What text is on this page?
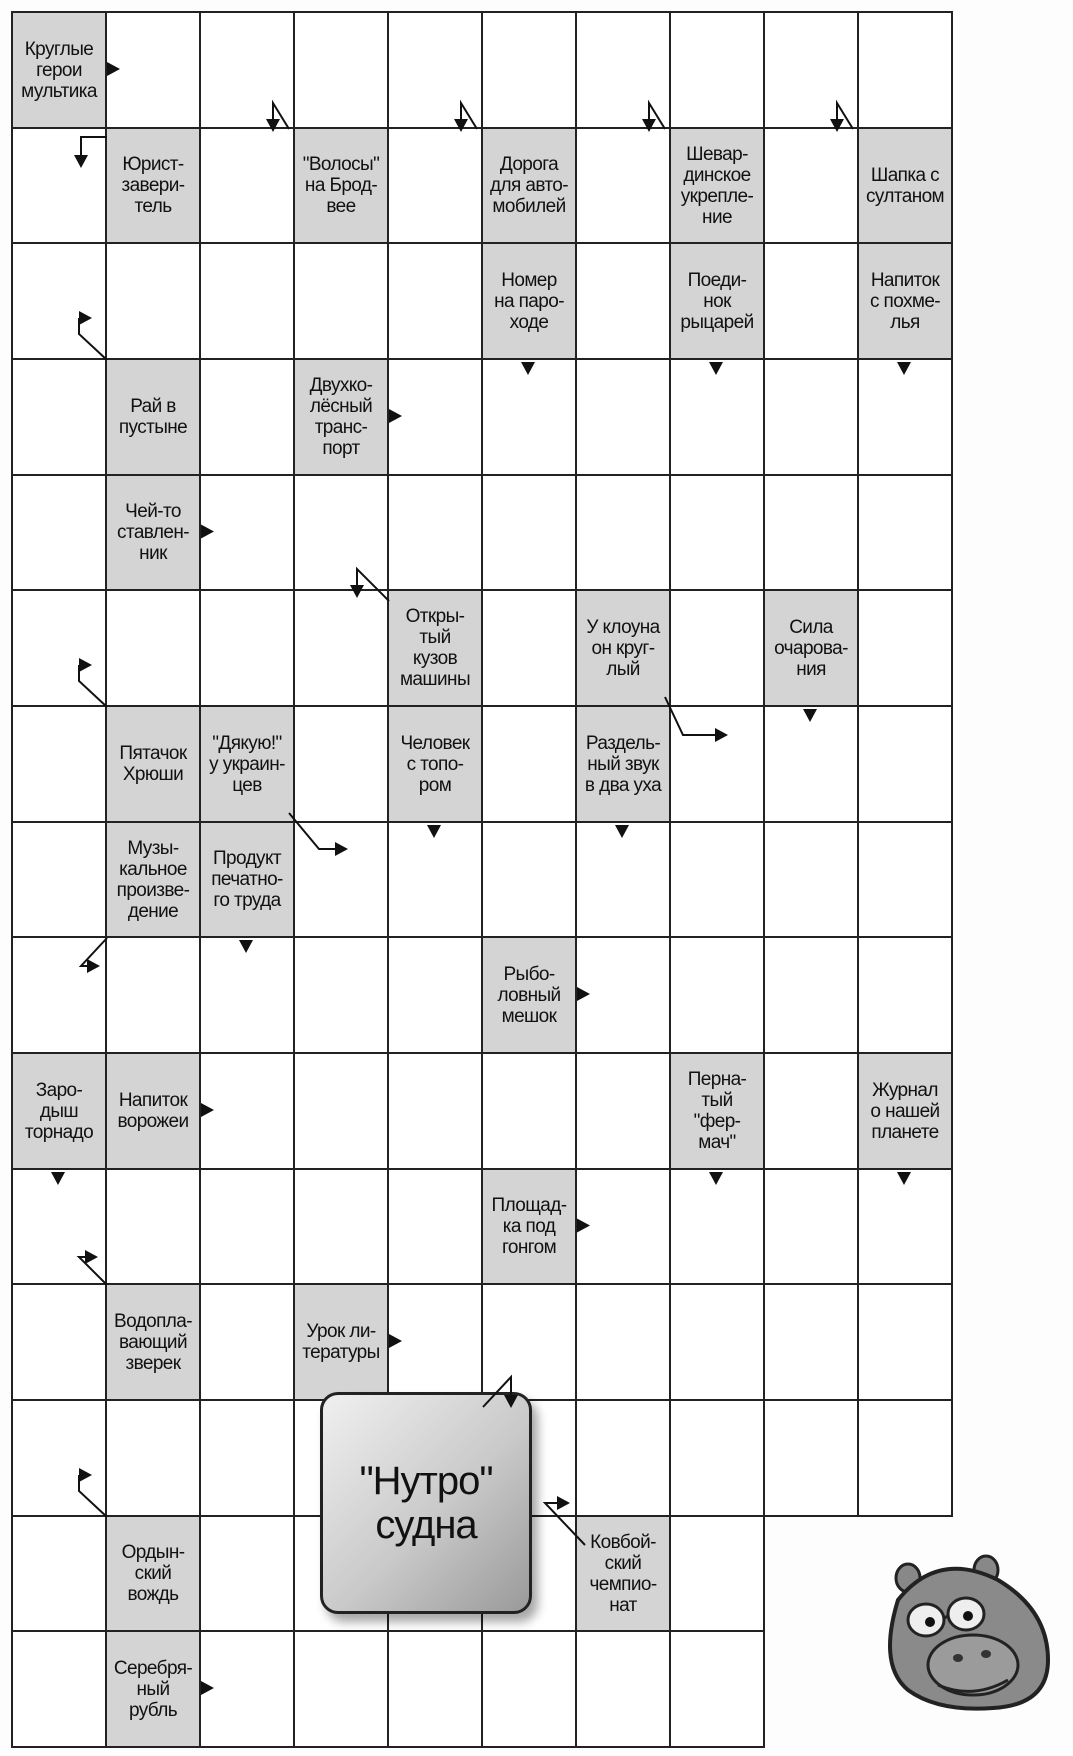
Круглые
герои
мультика
Юрист-
завери-
тель
"Волосы"
на Брод-
вее
Дорога
для авто-
мобилей
Шевар-
динское
укрепле-
ние
Шапка с
султаном
Номер
на паро-
ходе
Поеди-
нок
рыцарей
Напиток
с похме-
лья
Рай в
пустыне
Двухко-
лёсный
транс-
порт
Чей-то
ставлен-
ник
Откры-
тый
кузов
машины
У клоуна
он круг-
лый
Сила
очарова-
ния
Пятачок
Хрюши
"Дякую!"
у украин-
цев
Человек
с топо-
ром
Раздель-
ный звук
в два уха
Музы-
кальное
произве-
дение
Продукт
печатно-
го труда
Рыбо-
ловный
мешок
Заро-
дыш
торнадо
Напиток
ворожеи
Перна-
тый
"фер-
мач"
Журнал
о нашей
планете
Площад-
ка под
гонгом
Водопла-
вающий
зверек
Урок ли-
тературы
Ордын-
ский
вождь
Ковбой-
ский
чемпио-
нат
Серебря-
ный
рубль
"Нутро"
судна
